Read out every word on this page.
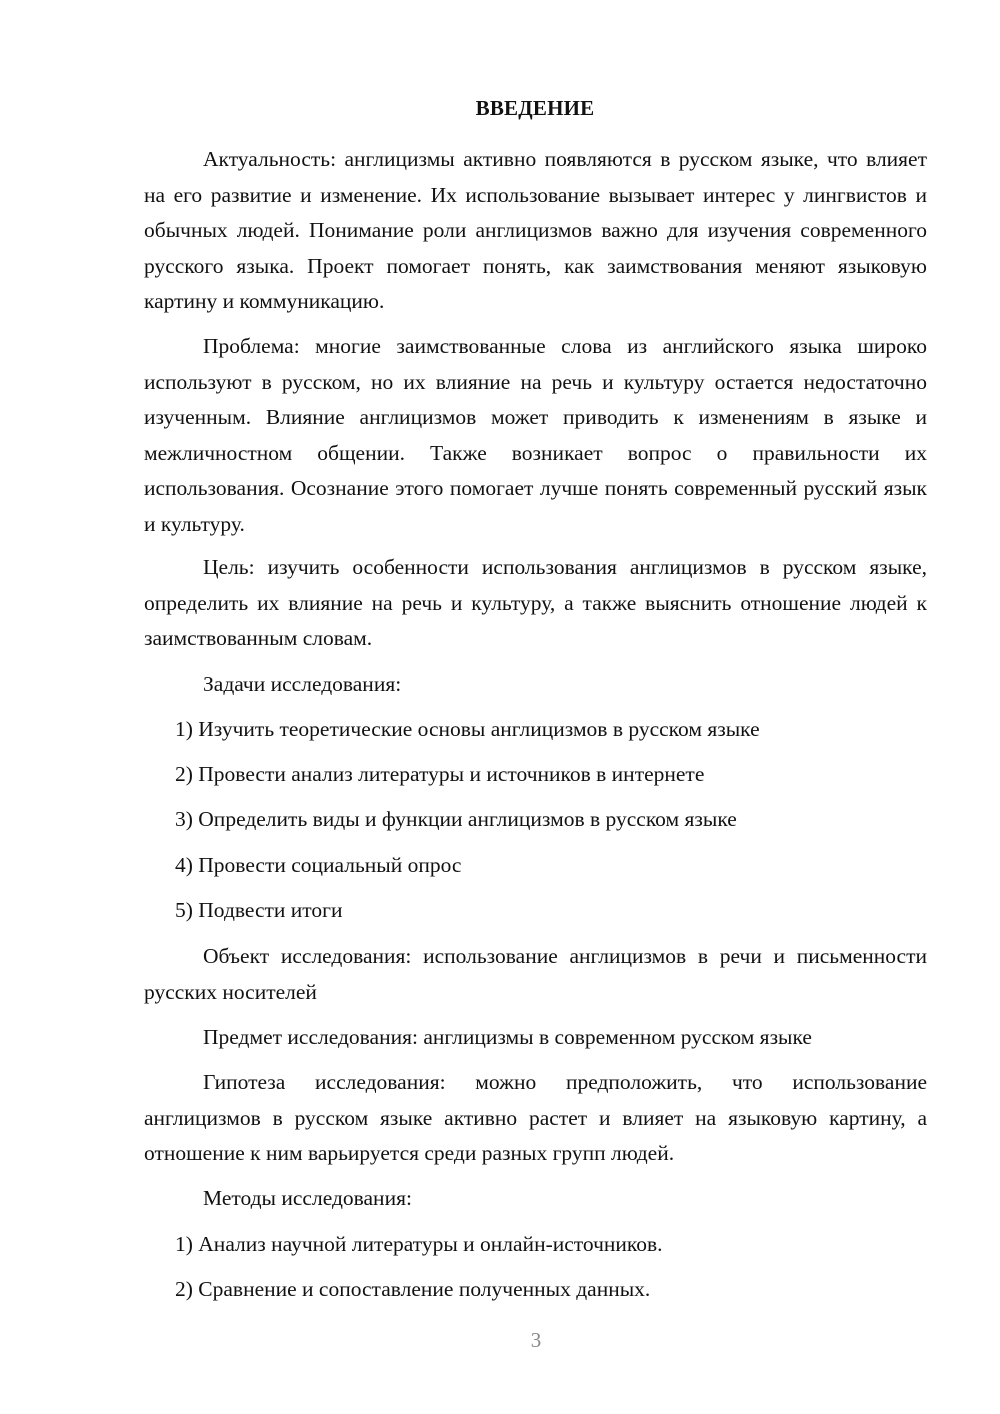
ВВЕДЕНИЕ

Актуальность: англицизмы активно появляются в русском языке, что влияет на его развитие и изменение. Их использование вызывает интерес у лингвистов и обычных людей. Понимание роли англицизмов важно для изучения современного русского языка. Проект помогает понять, как заимствования меняют языковую картину и коммуникацию.

Проблема: многие заимствованные слова из английского языка широко используют в русском, но их влияние на речь и культуру остается недостаточно изученным. Влияние англицизмов может приводить к изменениям в языке и межличностном общении. Также возникает вопрос о правильности их использования. Осознание этого помогает лучше понять современный русский язык и культуру.

Цель: изучить особенности использования англицизмов в русском языке, определить их влияние на речь и культуру, а также выяснить отношение людей к заимствованным словам.

Задачи исследования:

1) Изучить теоретические основы англицизмов в русском языке

2) Провести анализ литературы и источников в интернете

3) Определить виды и функции англицизмов в русском языке

4) Провести социальный опрос

5) Подвести итоги

Объект исследования: использование англицизмов в речи и письменности русских носителей

Предмет исследования: англицизмы в современном русском языке

Гипотеза исследования: можно предположить, что использование англицизмов в русском языке активно растет и влияет на языковую картину, а отношение к ним варьируется среди разных групп людей.

Методы исследования:

1) Анализ научной литературы и онлайн-источников.

2) Сравнение и сопоставление полученных данных.

3
